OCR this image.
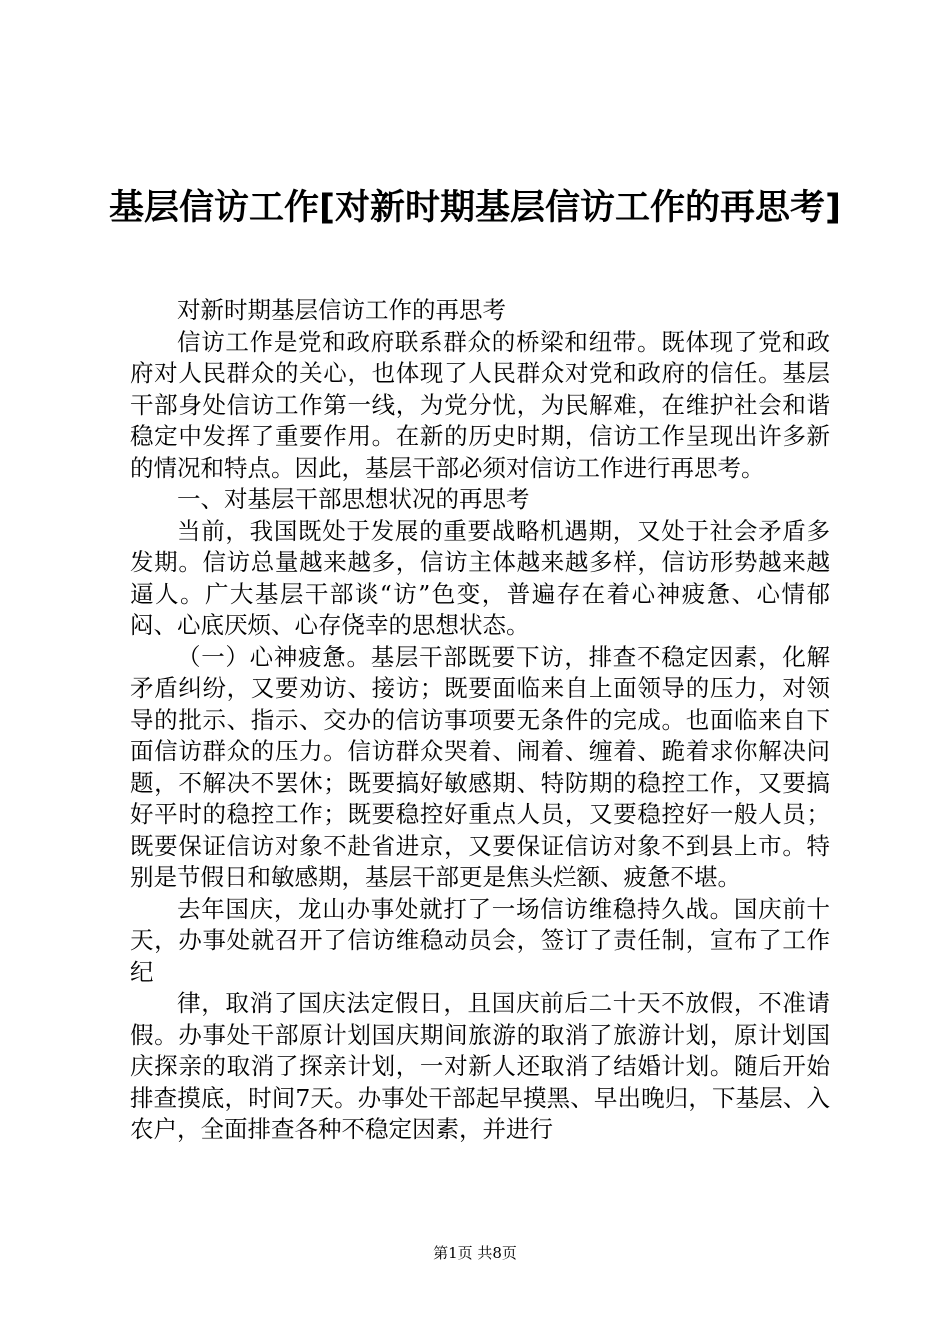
基层信访工作[对新时期基层信访工作的再思考]

对新时期基层信访工作的再思考

信访工作是党和政府联系群众的桥梁和纽带。既体现了党和政府对人民群众的关心，也体现了人民群众对党和政府的信任。基层干部身处信访工作第一线，为党分忧，为民解难，在维护社会和谐稳定中发挥了重要作用。在新的历史时期，信访工作呈现出许多新的情况和特点。因此，基层干部必须对信访工作进行再思考。

一、对基层干部思想状况的再思考

当前，我国既处于发展的重要战略机遇期，又处于社会矛盾多发期。信访总量越来越多，信访主体越来越多样，信访形势越来越逼人。广大基层干部谈“访”色变，普遍存在着心神疲惫、心情郁闷、心底厌烦、心存侥幸的思想状态。

（一）心神疲惫。基层干部既要下访，排查不稳定因素，化解矛盾纠纷，又要劝访、接访；既要面临来自上面领导的压力，对领导的批示、指示、交办的信访事项要无条件的完成。也面临来自下面信访群众的压力。信访群众哭着、闹着、缠着、跪着求你解决问题，不解决不罢休；既要搞好敏感期、特防期的稳控工作，又要搞好平时的稳控工作；既要稳控好重点人员，又要稳控好一般人员；既要保证信访对象不赴省进京，又要保证信访对象不到县上市。特别是节假日和敏感期，基层干部更是焦头烂额、疲惫不堪。

去年国庆，龙山办事处就打了一场信访维稳持久战。国庆前十天，办事处就召开了信访维稳动员会，签订了责任制，宣布了工作纪

律，取消了国庆法定假日，且国庆前后二十天不放假，不准请假。办事处干部原计划国庆期间旅游的取消了旅游计划，原计划国庆探亲的取消了探亲计划，一对新人还取消了结婚计划。随后开始排查摸底，时间7天。办事处干部起早摸黑、早出晚归，下基层、入农户，全面排查各种不稳定因素，并进行

第1页 共8页
